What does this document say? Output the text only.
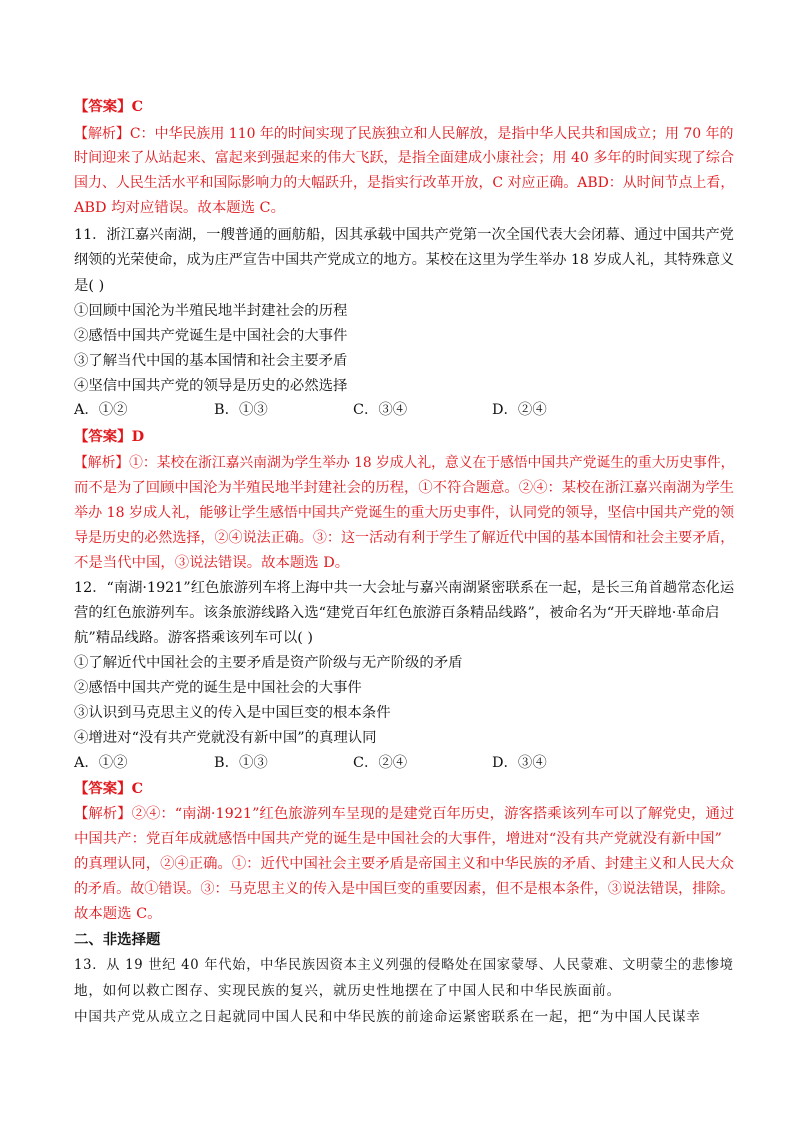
【答案】C
【解析】C：中华民族用 110 年的时间实现了民族独立和人民解放，是指中华人民共和国成立；用 70 年的
时间迎来了从站起来、富起来到强起来的伟大飞跃，是指全面建成小康社会；用 40 多年的时间实现了综合
国力、人民生活水平和国际影响力的大幅跃升，是指实行改革开放，C 对应正确。ABD：从时间节点上看，
ABD 均对应错误。故本题选 C。
11．浙江嘉兴南湖，一艘普通的画舫船，因其承载中国共产党第一次全国代表大会闭幕、通过中国共产党
纲领的光荣使命，成为庄严宣告中国共产党成立的地方。某校在这里为学生举办 18 岁成人礼，其特殊意义
是( )
①回顾中国沦为半殖民地半封建社会的历程
②感悟中国共产党诞生是中国社会的大事件
③了解当代中国的基本国情和社会主要矛盾
④坚信中国共产党的领导是历史的必然选择
A．①②	B．①③	C．③④	D．②④
【答案】D
【解析】①：某校在浙江嘉兴南湖为学生举办 18 岁成人礼，意义在于感悟中国共产党诞生的重大历史事件，
而不是为了回顾中国沦为半殖民地半封建社会的历程，①不符合题意。②④：某校在浙江嘉兴南湖为学生
举办 18 岁成人礼，能够让学生感悟中国共产党诞生的重大历史事件，认同党的领导，坚信中国共产党的领
导是历史的必然选择，②④说法正确。③：这一活动有利于学生了解近代中国的基本国情和社会主要矛盾，
不是当代中国，③说法错误。故本题选 D。
12．“南湖·1921”红色旅游列车将上海中共一大会址与嘉兴南湖紧密联系在一起，是长三角首趟常态化运
营的红色旅游列车。该条旅游线路入选“建党百年红色旅游百条精品线路”，被命名为“开天辟地·革命启
航”精品线路。游客搭乘该列车可以( )
①了解近代中国社会的主要矛盾是资产阶级与无产阶级的矛盾
②感悟中国共产党的诞生是中国社会的大事件
③认识到马克思主义的传入是中国巨变的根本条件
④增进对“没有共产党就没有新中国”的真理认同
A．①②	B．①③	C．②④	D．③④
【答案】C
【解析】②④：“南湖·1921”红色旅游列车呈现的是建党百年历史，游客搭乘该列车可以了解党史，通过
中国共产：党百年成就感悟中国共产党的诞生是中国社会的大事件，增进对“没有共产党就没有新中国”
的真理认同，②④正确。①：近代中国社会主要矛盾是帝国主义和中华民族的矛盾、封建主义和人民大众
的矛盾。故①错误。③：马克思主义的传入是中国巨变的重要因素，但不是根本条件，③说法错误，排除。
故本题选 C。
二、非选择题
13．从 19 世纪 40 年代始，中华民族因资本主义列强的侵略处在国家蒙辱、人民蒙难、文明蒙尘的悲惨境
地，如何以救亡图存、实现民族的复兴，就历史性地摆在了中国人民和中华民族面前。
中国共产党从成立之日起就同中国人民和中华民族的前途命运紧密联系在一起，把“为中国人民谋幸
